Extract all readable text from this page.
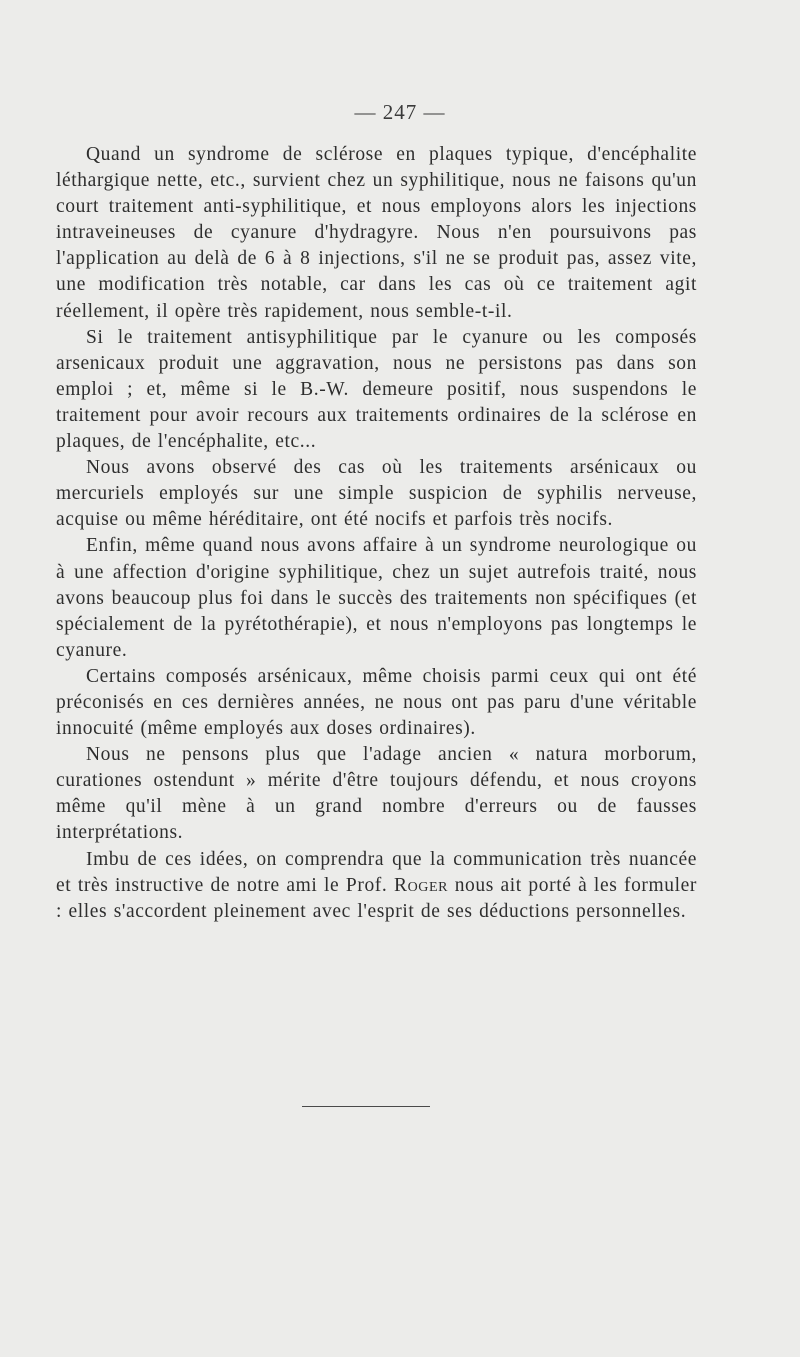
— 247 —

Quand un syndrome de sclérose en plaques typique, d'encéphalite léthargique nette, etc., survient chez un syphilitique, nous ne faisons qu'un court traitement anti-syphilitique, et nous employons alors les injections intraveineuses de cyanure d'hydragyre. Nous n'en poursuivons pas l'application au delà de 6 à 8 injections, s'il ne se produit pas, assez vite, une modification très notable, car dans les cas où ce traitement agit réellement, il opère très rapidement, nous semble-t-il.

Si le traitement antisyphilitique par le cyanure ou les composés arsenicaux produit une aggravation, nous ne persistons pas dans son emploi ; et, même si le B.-W. demeure positif, nous suspendons le traitement pour avoir recours aux traitements ordinaires de la sclérose en plaques, de l'encéphalite, etc...

Nous avons observé des cas où les traitements arsénicaux ou mercuriels employés sur une simple suspicion de syphilis nerveuse, acquise ou même héréditaire, ont été nocifs et parfois très nocifs.

Enfin, même quand nous avons affaire à un syndrome neurologique ou à une affection d'origine syphilitique, chez un sujet autrefois traité, nous avons beaucoup plus foi dans le succès des traitements non spécifiques (et spécialement de la pyrétothérapie), et nous n'employons pas longtemps le cyanure.

Certains composés arsénicaux, même choisis parmi ceux qui ont été préconisés en ces dernières années, ne nous ont pas paru d'une véritable innocuité (même employés aux doses ordinaires).

Nous ne pensons plus que l'adage ancien « natura morborum, curationes ostendunt » mérite d'être toujours défendu, et nous croyons même qu'il mène à un grand nombre d'erreurs ou de fausses interprétations.

Imbu de ces idées, on comprendra que la communication très nuancée et très instructive de notre ami le Prof. Roger nous ait porté à les formuler : elles s'accordent pleinement avec l'esprit de ses déductions personnelles.
